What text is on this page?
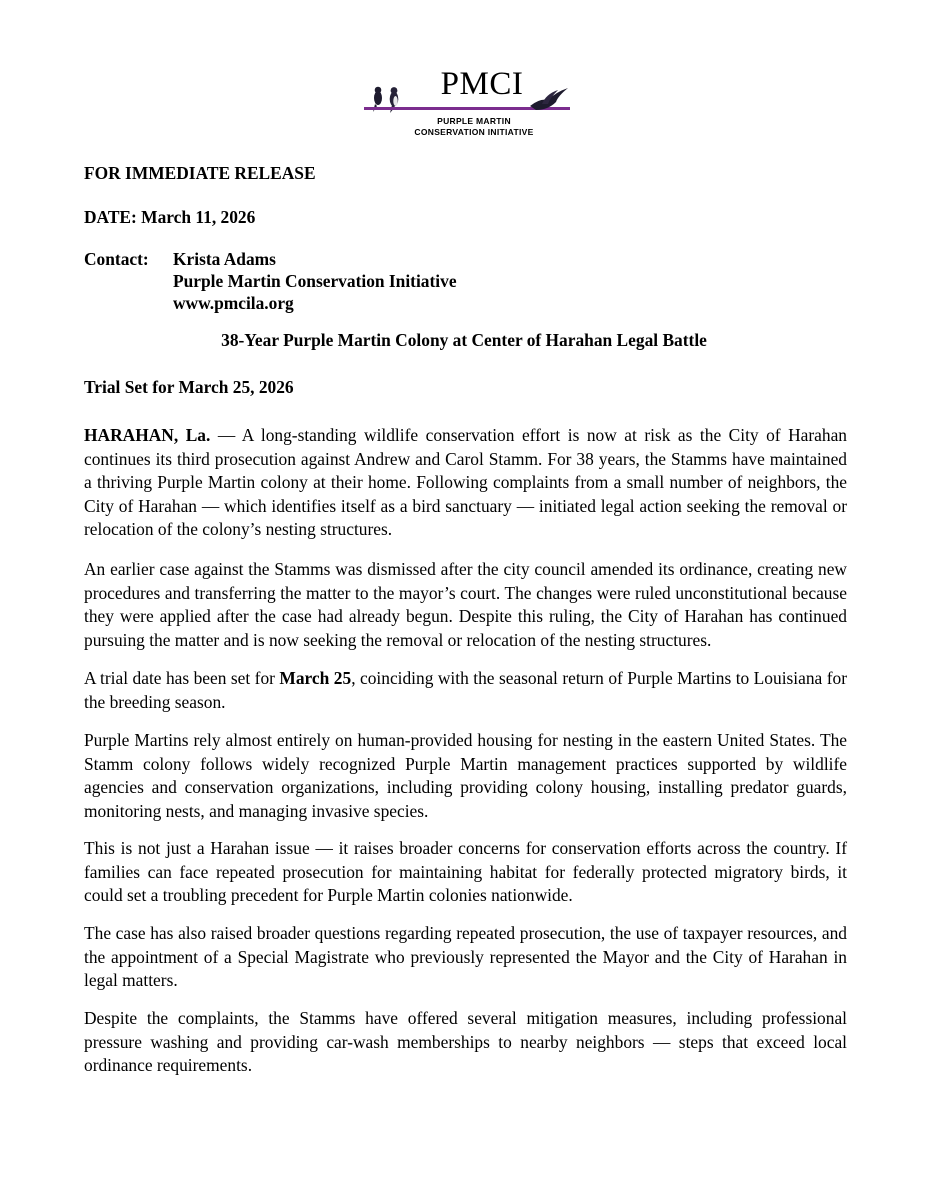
PMCI
PURPLE MARTIN
CONSERVATION INITIATIVE
FOR IMMEDIATE RELEASE
DATE: March 11, 2026
Contact:	Krista Adams
Purple Martin Conservation Initiative
www.pmcila.org
38-Year Purple Martin Colony at Center of Harahan Legal Battle
Trial Set for March 25, 2026
HARAHAN, La. — A long-standing wildlife conservation effort is now at risk as the City of Harahan continues its third prosecution against Andrew and Carol Stamm. For 38 years, the Stamms have maintained a thriving Purple Martin colony at their home. Following complaints from a small number of neighbors, the City of Harahan — which identifies itself as a bird sanctuary — initiated legal action seeking the removal or relocation of the colony’s nesting structures.
An earlier case against the Stamms was dismissed after the city council amended its ordinance, creating new procedures and transferring the matter to the mayor’s court. The changes were ruled unconstitutional because they were applied after the case had already begun. Despite this ruling, the City of Harahan has continued pursuing the matter and is now seeking the removal or relocation of the nesting structures.
A trial date has been set for March 25, coinciding with the seasonal return of Purple Martins to Louisiana for the breeding season.
Purple Martins rely almost entirely on human-provided housing for nesting in the eastern United States. The Stamm colony follows widely recognized Purple Martin management practices supported by wildlife agencies and conservation organizations, including providing colony housing, installing predator guards, monitoring nests, and managing invasive species.
This is not just a Harahan issue — it raises broader concerns for conservation efforts across the country. If families can face repeated prosecution for maintaining habitat for federally protected migratory birds, it could set a troubling precedent for Purple Martin colonies nationwide.
The case has also raised broader questions regarding repeated prosecution, the use of taxpayer resources, and the appointment of a Special Magistrate who previously represented the Mayor and the City of Harahan in legal matters.
Despite the complaints, the Stamms have offered several mitigation measures, including professional pressure washing and providing car-wash memberships to nearby neighbors — steps that exceed local ordinance requirements.
